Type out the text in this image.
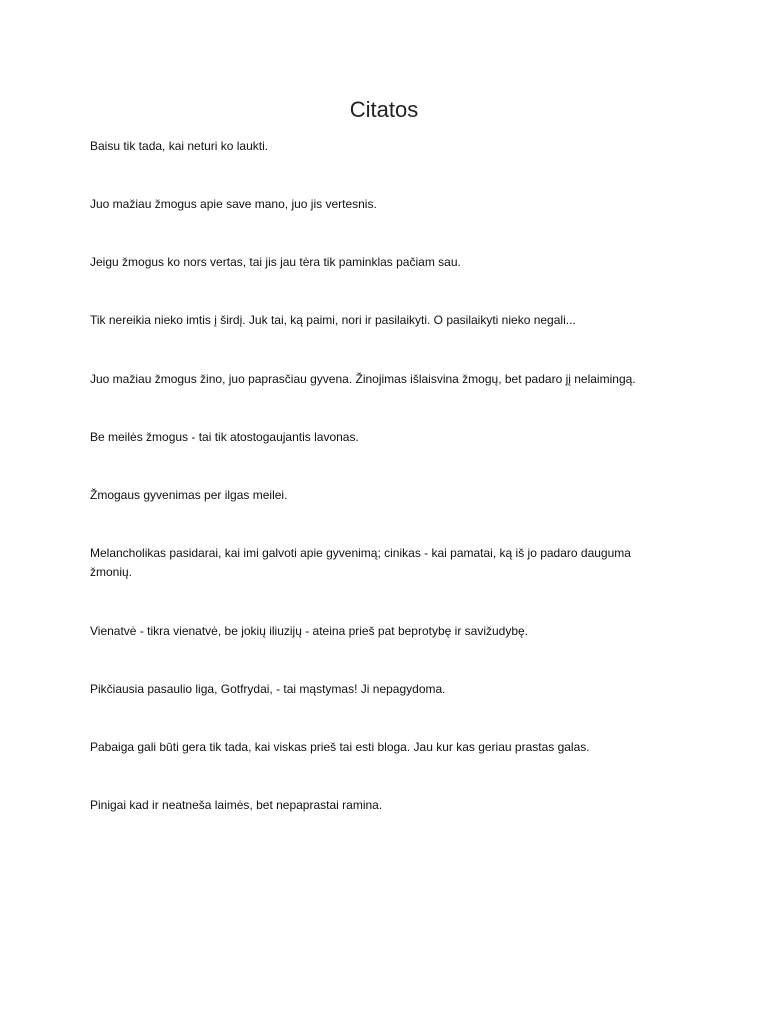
Citatos
Baisu tik tada, kai neturi ko laukti.
Juo mažiau žmogus apie save mano, juo jis vertesnis.
Jeigu žmogus ko nors vertas, tai jis jau tėra tik paminklas pačiam sau.
Tik nereikia nieko imtis į širdį. Juk tai, ką paimi, nori ir pasilaikyti. O pasilaikyti nieko negali...
Juo mažiau žmogus žino, juo paprasčiau gyvena. Žinojimas išlaisvina žmogų, bet padaro jį nelaimingą.
Be meilės žmogus - tai tik atostogaujantis lavonas.
Žmogaus gyvenimas per ilgas meilei.
Melancholikas pasidarai, kai imi galvoti apie gyvenimą; cinikas - kai pamatai, ką iš jo padaro dauguma žmonių.
Vienatvė - tikra vienatvė, be jokių iliuzijų - ateina prieš pat beprotybę ir savižudybę.
Pikčiausia pasaulio liga, Gotfrydai, - tai mąstymas! Ji nepagydoma.
Pabaiga gali būti gera tik tada, kai viskas prieš tai esti bloga. Jau kur kas geriau prastas galas.
Pinigai kad ir neatneša laimės, bet nepaprastai ramina.
